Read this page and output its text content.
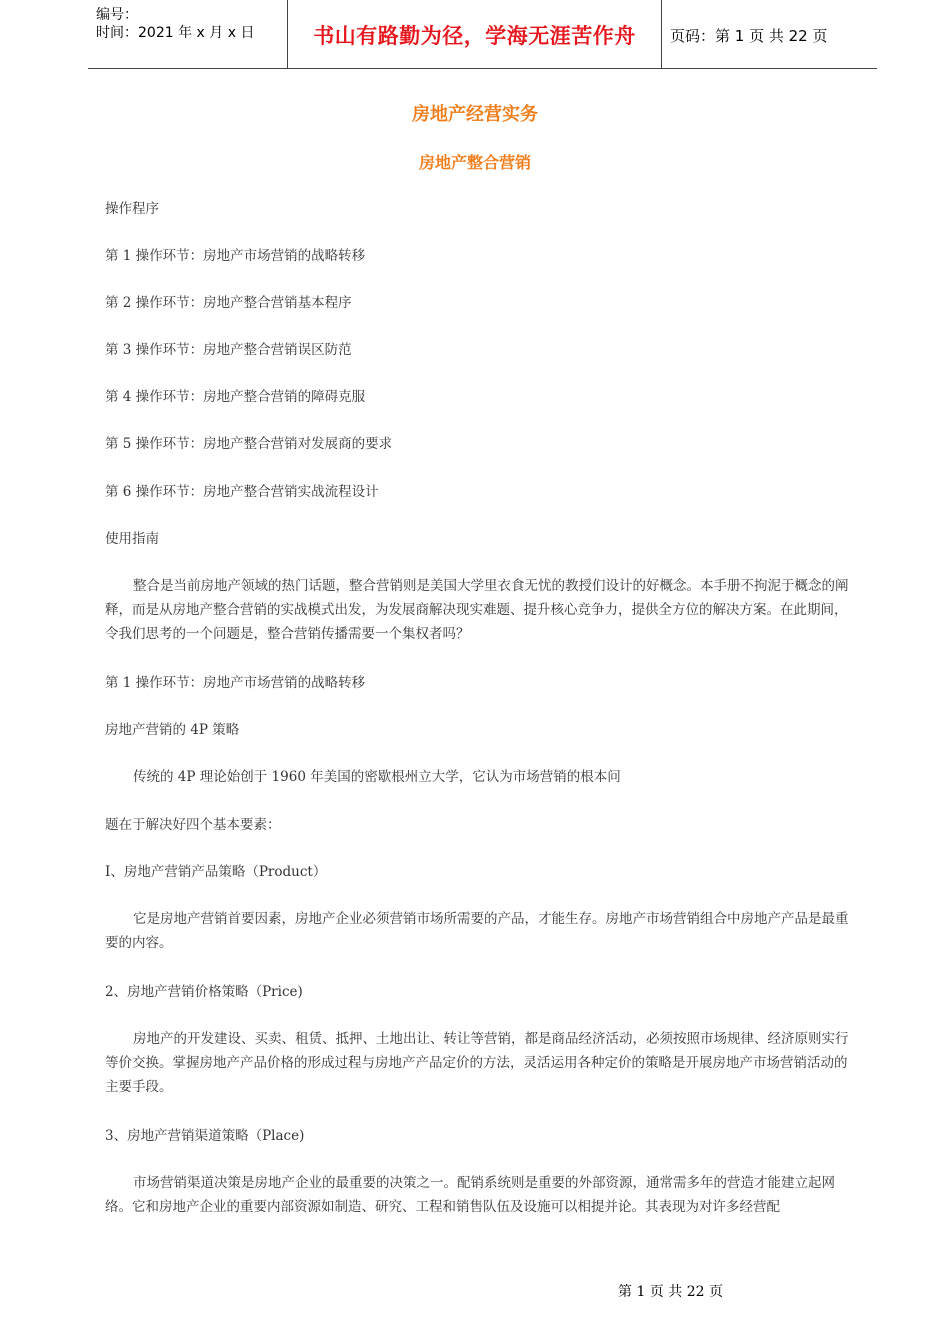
编号：
时间：2021 年 x 月 x 日	书山有路勤为径，学海无涯苦作舟	页码：第 1 页 共 22 页
房地产经营实务
房地产整合营销

操作程序

第 1 操作环节：房地产市场营销的战略转移

第 2 操作环节：房地产整合营销基本程序

第 3 操作环节：房地产整合营销误区防范

第 4 操作环节：房地产整合营销的障碍克服

第 5 操作环节：房地产整合营销对发展商的要求

第 6 操作环节：房地产整合营销实战流程设计

使用指南

整合是当前房地产领域的热门话题，整合营销则是美国大学里衣食无忧的教授们设计的好概念。本手册不拘泥于概念的阐释，而是从房地产整合营销的实战模式出发，为发展商解决现实难题、提升核心竞争力，提供全方位的解决方案。在此期间，令我们思考的一个问题是，整合营销传播需要一个集权者吗？

第 1 操作环节：房地产市场营销的战略转移

房地产营销的 4P 策略

传统的 4P 理论始创于 1960 年美国的密歇根州立大学，它认为市场营销的根本问

题在于解决好四个基本要素：

I、房地产营销产品策略（Product）

它是房地产营销首要因素，房地产企业必须营销市场所需要的产品，才能生存。房地产市场营销组合中房地产产品是最重要的内容。

2、房地产营销价格策略（Price)

房地产的开发建设、买卖、租赁、抵押、土地出让、转让等营销，都是商品经济活动，必须按照市场规律、经济原则实行等价交换。掌握房地产产品价格的形成过程与房地产产品定价的方法，灵活运用各种定价的策略是开展房地产市场营销活动的主要手段。

3、房地产营销渠道策略（Place)

市场营销渠道决策是房地产企业的最重要的决策之一。配销系统则是重要的外部资源，通常需多年的营造才能建立起网络。它和房地产企业的重要内部资源如制造、研究、工程和销售队伍及设施可以相提并论。其表现为对许多经营配

第 1 页 共 22 页
